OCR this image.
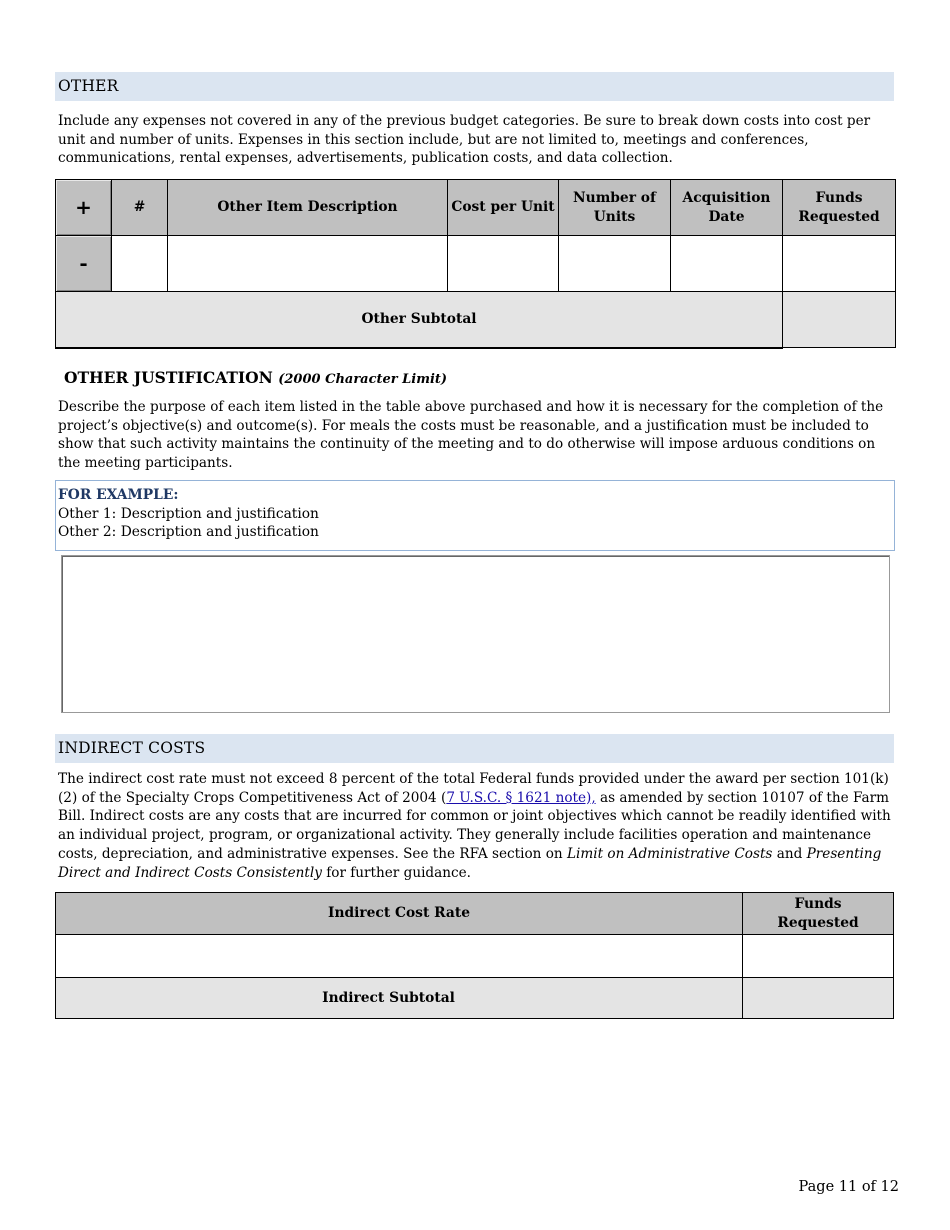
OTHER
Include any expenses not covered in any of the previous budget categories. Be sure to break down costs into cost per unit and number of units. Expenses in this section include, but are not limited to, meetings and conferences, communications, rental expenses, advertisements, publication costs, and data collection.
+	#	Other Item Description	Cost per Unit	Number of Units	Acquisition Date	Funds Requested
-						
Other Subtotal						
OTHER JUSTIFICATION (2000 Character Limit)
Describe the purpose of each item listed in the table above purchased and how it is necessary for the completion of the project’s objective(s) and outcome(s). For meals the costs must be reasonable, and a justification must be included to show that such activity maintains the continuity of the meeting and to do otherwise will impose arduous conditions on the meeting participants.
FOR EXAMPLE:
Other 1: Description and justification
Other 2: Description and justification
INDIRECT COSTS
The indirect cost rate must not exceed 8 percent of the total Federal funds provided under the award per section 101(k)(2) of the Specialty Crops Competitiveness Act of 2004 (7 U.S.C. § 1621 note), as amended by section 10107 of the Farm Bill. Indirect costs are any costs that are incurred for common or joint objectives which cannot be readily identified with an individual project, program, or organizational activity. They generally include facilities operation and maintenance costs, depreciation, and administrative expenses. See the RFA section on Limit on Administrative Costs and Presenting Direct and Indirect Costs Consistently for further guidance.
Indirect Cost Rate	Funds Requested

Indirect Subtotal	
Page 11 of 12
